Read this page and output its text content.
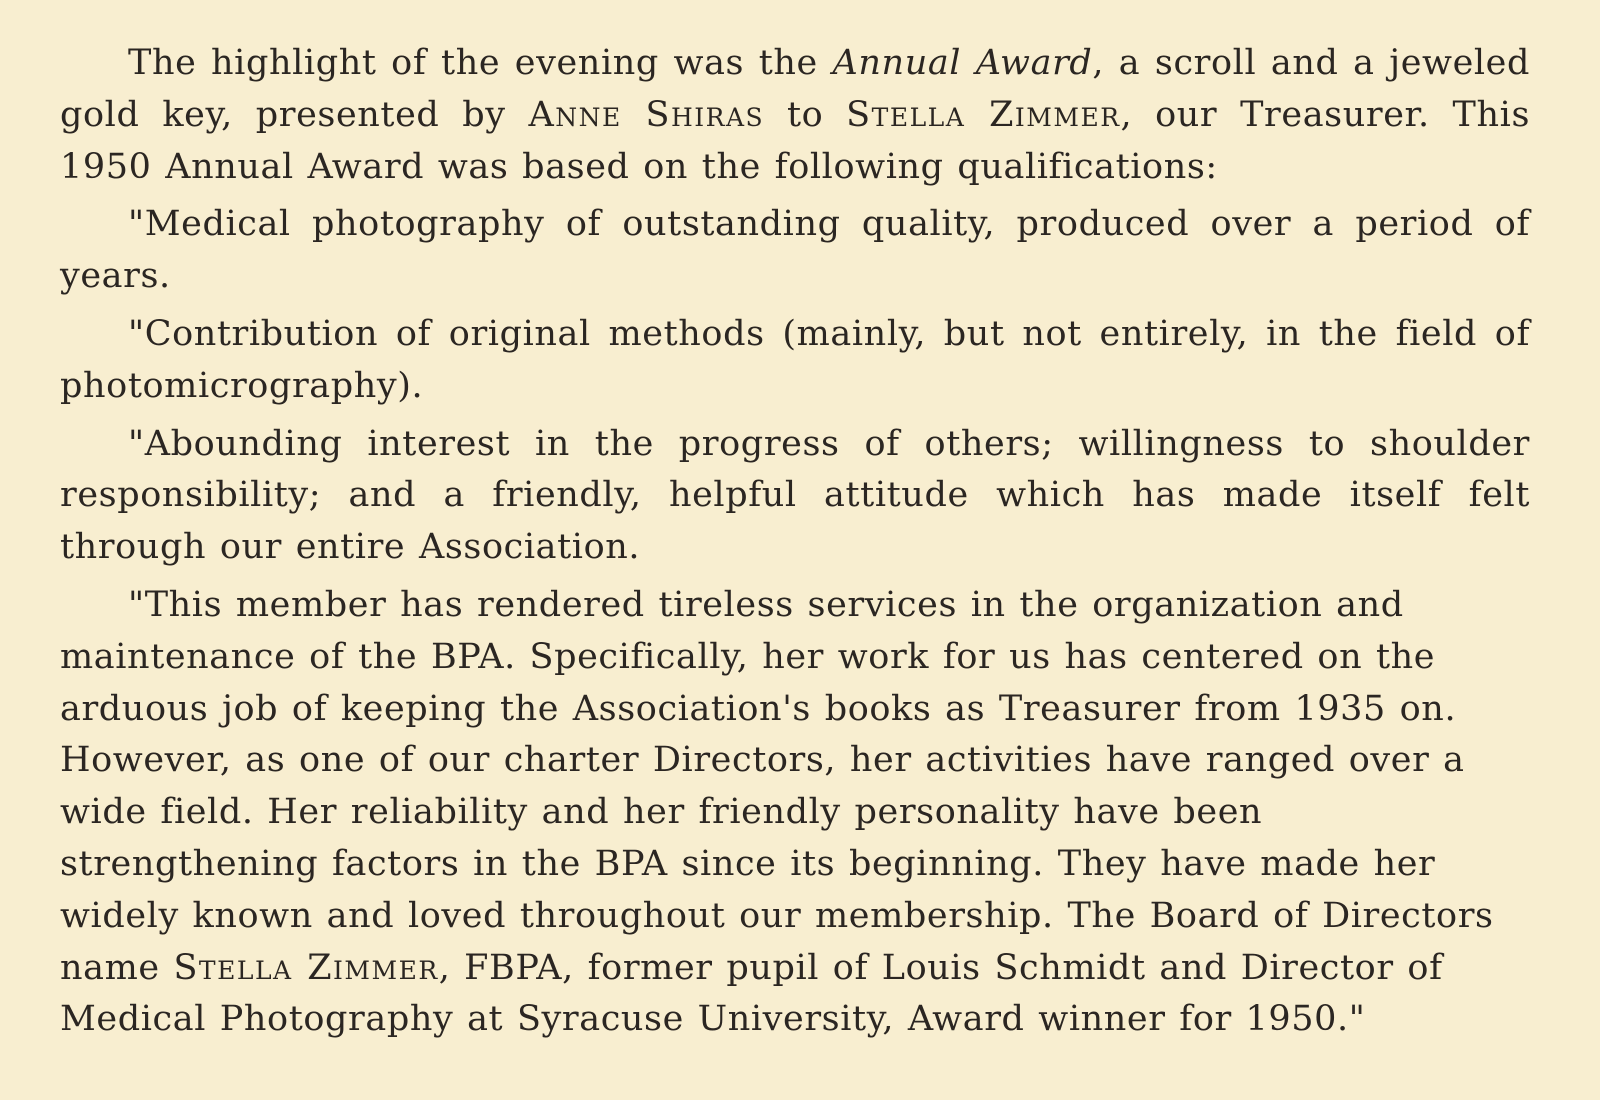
The highlight of the evening was the Annual Award, a scroll and a jeweled gold key, presented by Anne Shiras to Stella Zimmer, our Treasurer. This 1950 Annual Award was based on the following qualifications:

"Medical photography of outstanding quality, produced over a period of years.

"Contribution of original methods (mainly, but not entirely, in the field of photomicrography).

"Abounding interest in the progress of others; willingness to shoulder responsibility; and a friendly, helpful attitude which has made itself felt through our entire Association.

"This member has rendered tireless services in the organization and maintenance of the BPA. Specifically, her work for us has centered on the arduous job of keeping the Association's books as Treasurer from 1935 on. However, as one of our charter Directors, her activities have ranged over a wide field. Her reliability and her friendly personality have been strengthening factors in the BPA since its beginning. They have made her widely known and loved throughout our membership. The Board of Directors name Stella Zimmer, FBPA, former pupil of Louis Schmidt and Director of Medical Photography at Syracuse University, Award winner for 1950."
